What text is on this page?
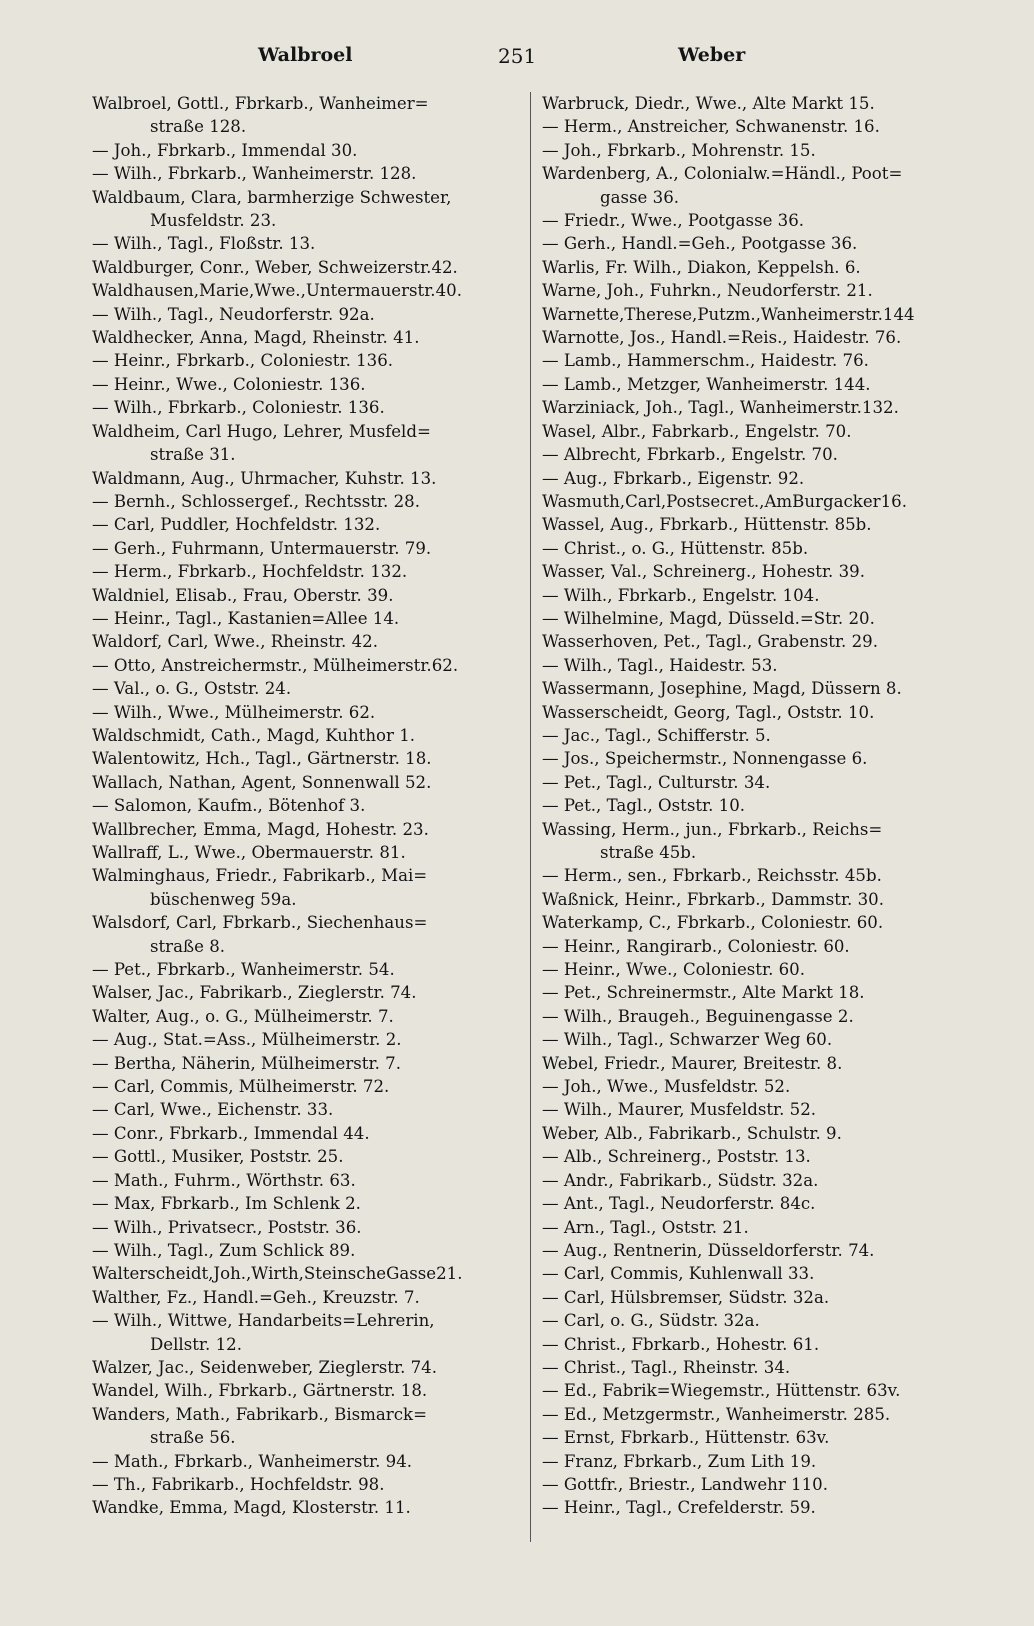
Walbroel	251	Weber
Walbroel, Gottl., Fbrkarb., Wanheimer=
straße 128.
— Joh., Fbrkarb., Immendal 30.
— Wilh., Fbrkarb., Wanheimerstr. 128.
Waldbaum, Clara, barmherzige Schwester,
Musfeldstr. 23.
— Wilh., Tagl., Floßstr. 13.
Waldburger, Conr., Weber, Schweizerstr.42.
Waldhausen,Marie,Wwe.,Untermauerstr.40.
— Wilh., Tagl., Neudorferstr. 92a.
Waldhecker, Anna, Magd, Rheinstr. 41.
— Heinr., Fbrkarb., Coloniestr. 136.
— Heinr., Wwe., Coloniestr. 136.
— Wilh., Fbrkarb., Coloniestr. 136.
Waldheim, Carl Hugo, Lehrer, Musfeld=
straße 31.
Waldmann, Aug., Uhrmacher, Kuhstr. 13.
— Bernh., Schlossergef., Rechtsstr. 28.
— Carl, Puddler, Hochfeldstr. 132.
— Gerh., Fuhrmann, Untermauerstr. 79.
— Herm., Fbrkarb., Hochfeldstr. 132.
Waldniel, Elisab., Frau, Oberstr. 39.
— Heinr., Tagl., Kastanien=Allee 14.
Waldorf, Carl, Wwe., Rheinstr. 42.
— Otto, Anstreichermstr., Mülheimerstr.62.
— Val., o. G., Oststr. 24.
— Wilh., Wwe., Mülheimerstr. 62.
Waldschmidt, Cath., Magd, Kuhthor 1.
Walentowitz, Hch., Tagl., Gärtnerstr. 18.
Wallach, Nathan, Agent, Sonnenwall 52.
— Salomon, Kaufm., Bötenhof 3.
Wallbrecher, Emma, Magd, Hohestr. 23.
Wallraff, L., Wwe., Obermauerstr. 81.
Walminghaus, Friedr., Fabrikarb., Mai=
büschenweg 59a.
Walsdorf, Carl, Fbrkarb., Siechenhaus=
straße 8.
— Pet., Fbrkarb., Wanheimerstr. 54.
Walser, Jac., Fabrikarb., Zieglerstr. 74.
Walter, Aug., o. G., Mülheimerstr. 7.
— Aug., Stat.=Ass., Mülheimerstr. 2.
— Bertha, Näherin, Mülheimerstr. 7.
— Carl, Commis, Mülheimerstr. 72.
— Carl, Wwe., Eichenstr. 33.
— Conr., Fbrkarb., Immendal 44.
— Gottl., Musiker, Poststr. 25.
— Math., Fuhrm., Wörthstr. 63.
— Max, Fbrkarb., Im Schlenk 2.
— Wilh., Privatsecr., Poststr. 36.
— Wilh., Tagl., Zum Schlick 89.
Walterscheidt,Joh.,Wirth,SteinscheGasse21.
Walther, Fz., Handl.=Geh., Kreuzstr. 7.
— Wilh., Wittwe, Handarbeits=Lehrerin,
Dellstr. 12.
Walzer, Jac., Seidenweber, Zieglerstr. 74.
Wandel, Wilh., Fbrkarb., Gärtnerstr. 18.
Wanders, Math., Fabrikarb., Bismarck=
straße 56.
— Math., Fbrkarb., Wanheimerstr. 94.
— Th., Fabrikarb., Hochfeldstr. 98.
Wandke, Emma, Magd, Klosterstr. 11.
Warbruck, Diedr., Wwe., Alte Markt 15.
— Herm., Anstreicher, Schwanenstr. 16.
— Joh., Fbrkarb., Mohrenstr. 15.
Wardenberg, A., Colonialw.=Händl., Poot=
gasse 36.
— Friedr., Wwe., Pootgasse 36.
— Gerh., Handl.=Geh., Pootgasse 36.
Warlis, Fr. Wilh., Diakon, Keppelsh. 6.
Warne, Joh., Fuhrkn., Neudorferstr. 21.
Warnette,Therese,Putzm.,Wanheimerstr.144
Warnotte, Jos., Handl.=Reis., Haidestr. 76.
— Lamb., Hammerschm., Haidestr. 76.
— Lamb., Metzger, Wanheimerstr. 144.
Warziniack, Joh., Tagl., Wanheimerstr.132.
Wasel, Albr., Fabrkarb., Engelstr. 70.
— Albrecht, Fbrkarb., Engelstr. 70.
— Aug., Fbrkarb., Eigenstr. 92.
Wasmuth,Carl,Postsecret.,AmBurgacker16.
Wassel, Aug., Fbrkarb., Hüttenstr. 85b.
— Christ., o. G., Hüttenstr. 85b.
Wasser, Val., Schreinerg., Hohestr. 39.
— Wilh., Fbrkarb., Engelstr. 104.
— Wilhelmine, Magd, Düsseld.=Str. 20.
Wasserhoven, Pet., Tagl., Grabenstr. 29.
— Wilh., Tagl., Haidestr. 53.
Wassermann, Josephine, Magd, Düssern 8.
Wasserscheidt, Georg, Tagl., Oststr. 10.
— Jac., Tagl., Schifferstr. 5.
— Jos., Speichermstr., Nonnengasse 6.
— Pet., Tagl., Culturstr. 34.
— Pet., Tagl., Oststr. 10.
Wassing, Herm., jun., Fbrkarb., Reichs=
straße 45b.
— Herm., sen., Fbrkarb., Reichsstr. 45b.
Waßnick, Heinr., Fbrkarb., Dammstr. 30.
Waterkamp, C., Fbrkarb., Coloniestr. 60.
— Heinr., Rangirarb., Coloniestr. 60.
— Heinr., Wwe., Coloniestr. 60.
— Pet., Schreinermstr., Alte Markt 18.
— Wilh., Braugeh., Beguinengasse 2.
— Wilh., Tagl., Schwarzer Weg 60.
Webel, Friedr., Maurer, Breitestr. 8.
— Joh., Wwe., Musfeldstr. 52.
— Wilh., Maurer, Musfeldstr. 52.
Weber, Alb., Fabrikarb., Schulstr. 9.
— Alb., Schreinerg., Poststr. 13.
— Andr., Fabrikarb., Südstr. 32a.
— Ant., Tagl., Neudorferstr. 84c.
— Arn., Tagl., Oststr. 21.
— Aug., Rentnerin, Düsseldorferstr. 74.
— Carl, Commis, Kuhlenwall 33.
— Carl, Hülsbremser, Südstr. 32a.
— Carl, o. G., Südstr. 32a.
— Christ., Fbrkarb., Hohestr. 61.
— Christ., Tagl., Rheinstr. 34.
— Ed., Fabrik=Wiegemstr., Hüttenstr. 63v.
— Ed., Metzgermstr., Wanheimerstr. 285.
— Ernst, Fbrkarb., Hüttenstr. 63v.
— Franz, Fbrkarb., Zum Lith 19.
— Gottfr., Briestr., Landwehr 110.
— Heinr., Tagl., Crefelderstr. 59.
